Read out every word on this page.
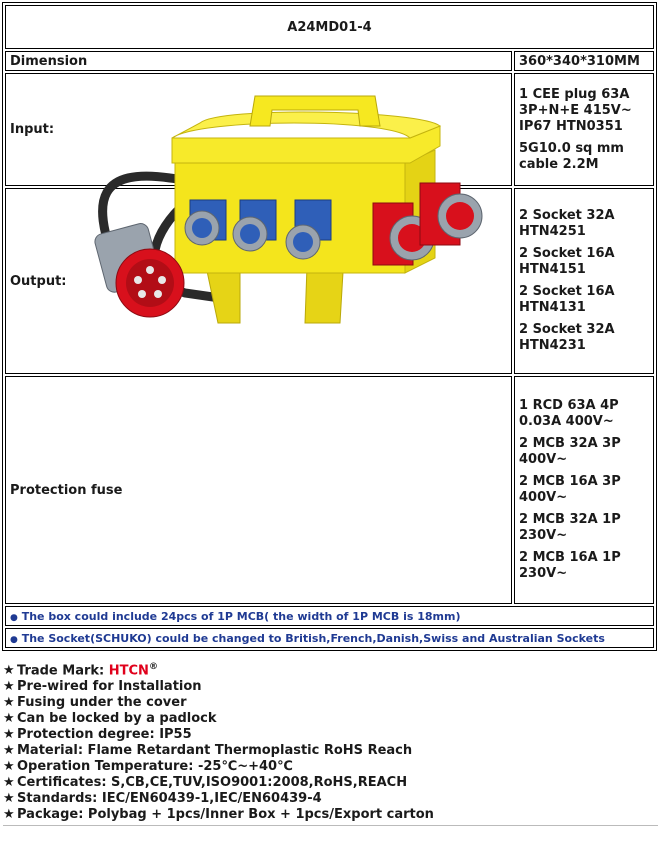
A24MD01-4	
Dimension	360*340*310MM
Input:	1 CEE plug 63A 3P+N+E 415V~ IP67 HTN0351
5G10.0 sq mm cable 2.2M

Output:	2 Socket 32A HTN4251
2 Socket 16A HTN4151
2 Socket 16A HTN4131
2 Socket 32A HTN4231

Protection fuse	1 RCD 63A 4P 0.03A 400V~
2 MCB 32A 3P 400V~
2 MCB 16A 3P 400V~
2 MCB 32A 1P 230V~
2 MCB 16A 1P 230V~

● The box could include 24pcs of 1P MCB( the width of 1P MCB is 18mm)	
● The Socket(SCHUKO) could be changed to British,French,Danish,Swiss and Australian Sockets	
★ Trade Mark: HTCN®
★ Pre-wired for Installation
★ Fusing under the cover
★ Can be locked by a padlock
★ Protection degree: IP55
★ Material: Flame Retardant Thermoplastic RoHS Reach
★ Operation Temperature: -25℃~+40℃
★ Certificates: S,CB,CE,TUV,ISO9001:2008,RoHS,REACH
★ Standards: IEC/EN60439-1,IEC/EN60439-4
★ Package: Polybag + 1pcs/Inner Box + 1pcs/Export carton
